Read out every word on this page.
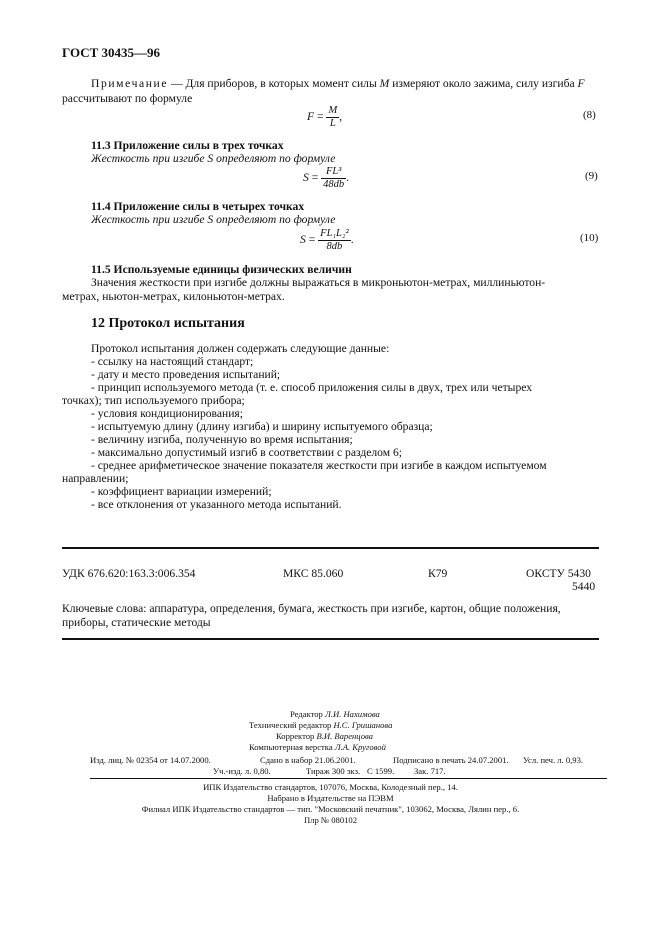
ГОСТ 30435—96
Примечание — Для приборов, в которых момент силы M измеряют около зажима, силу изгиба F
рассчитывают по формуле
$F = \frac{M}{L}$ ,	(8)
11.3 Приложение силы в трех точках
Жесткость при изгибе S определяют по формуле
$S = \frac{\text{FL³}}{48db}$ .	(9)
11.4 Приложение силы в четырех точках
Жесткость при изгибе S определяют по формуле
$S = \frac{\text{FL₁L₂²}}{8db}$ .	(10)
11.5 Используемые единицы физических величин
Значения жесткости при изгибе должны выражаться в микроньютон-метрах, миллиньютон-
метрах, ньютон-метрах, килоньютон-метрах.
12 Протокол испытания
Протокол испытания должен содержать следующие данные:
- ссылку на настоящий стандарт;
- дату и место проведения испытаний;
- принцип используемого метода (т. е. способ приложения силы в двух, трех или четырех
точках); тип используемого прибора;
- условия кондиционирования;
- испытуемую длину (длину изгиба) и ширину испытуемого образца;
- величину изгиба, полученную во время испытания;
- максимально допустимый изгиб в соответствии с разделом 6;
- среднее арифметическое значение показателя жесткости при изгибе в каждом испытуемом
направлении;
- коэффициент вариации измерений;
- все отклонения от указанного метода испытаний.
УДК 676.620:163.3:006.354	МКС 85.060	К79	ОКСТУ 5430
5440
Ключевые слова: аппаратура, определения, бумага, жесткость при изгибе, картон, общие положения,
приборы, статические методы
Редактор Л.И. Нахимова
Технический редактор Н.С. Гришанова
Корректор В.И. Варенцова
Компьютерная верстка Л.А. Круговой
Изд. лиц. № 02354 от 14.07.2000.	Сдано в набор 21.06.2001.	Подписано в печать 24.07.2001. Усл. печ. л. 0,93.
Уч.-изд. л. 0,80.	Тираж 300 экз. С 1599. Зак. 717.
ИПК Издательство стандартов, 107076, Москва, Колодезный пер., 14.
Набрано в Издательстве на ПЭВМ
Филиал ИПК Издательство стандартов — тип. "Московский печатник", 103062, Москва, Лялин пер., 6.
Плр № 080102
